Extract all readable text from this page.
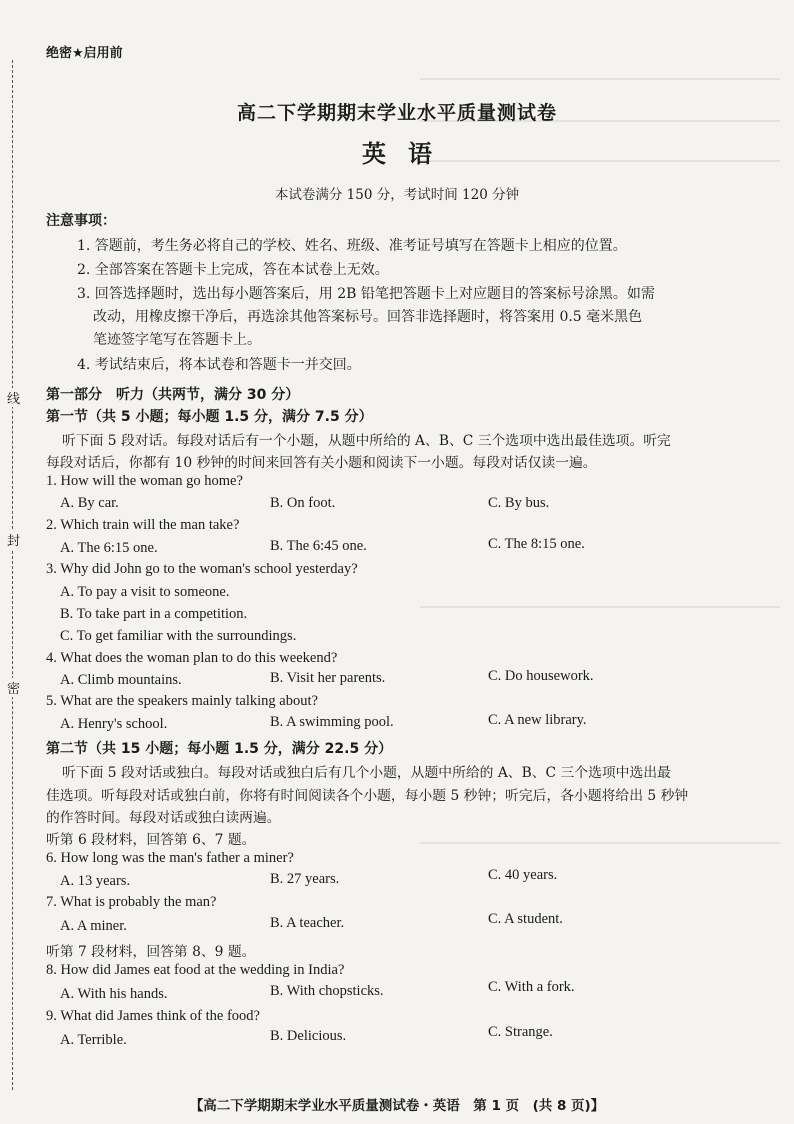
线
封
密
绝密★启用前
高二下学期期末学业水平质量测试卷
英语
本试卷满分 150 分，考试时间 120 分钟
注意事项：
1. 答题前，考生务必将自己的学校、姓名、班级、准考证号填写在答题卡上相应的位置。
2. 全部答案在答题卡上完成，答在本试卷上无效。
3. 回答选择题时，选出每小题答案后，用 2B 铅笔把答题卡上对应题目的答案标号涂黑。如需
改动，用橡皮擦干净后，再选涂其他答案标号。回答非选择题时，将答案用 0.5 毫米黑色
笔迹签字笔写在答题卡上。
4. 考试结束后，将本试卷和答题卡一并交回。
第一部分　听力（共两节，满分 30 分）
第一节（共 5 小题；每小题 1.5 分，满分 7.5 分）
听下面 5 段对话。每段对话后有一个小题，从题中所给的 A、B、C 三个选项中选出最佳选项。听完
每段对话后，你都有 10 秒钟的时间来回答有关小题和阅读下一小题。每段对话仅读一遍。
1. How will the woman go home?
A. By car.	B. On foot.	C. By bus.
2. Which train will the man take?
A. The 6:15 one.	B. The 6:45 one.	C. The 8:15 one.
3. Why did John go to the woman's school yesterday?
A. To pay a visit to someone.
B. To take part in a competition.
C. To get familiar with the surroundings.
4. What does the woman plan to do this weekend?
A. Climb mountains.	B. Visit her parents.	C. Do housework.
5. What are the speakers mainly talking about?
A. Henry's school.	B. A swimming pool.	C. A new library.
第二节（共 15 小题；每小题 1.5 分，满分 22.5 分）
听下面 5 段对话或独白。每段对话或独白后有几个小题，从题中所给的 A、B、C 三个选项中选出最
佳选项。听每段对话或独白前，你将有时间阅读各个小题，每小题 5 秒钟；听完后，各小题将给出 5 秒钟
的作答时间。每段对话或独白读两遍。
听第 6 段材料，回答第 6、7 题。
6. How long was the man's father a miner?
A. 13 years.	B. 27 years.	C. 40 years.
7. What is probably the man?
A. A miner.	B. A teacher.	C. A student.
听第 7 段材料，回答第 8、9 题。
8. How did James eat food at the wedding in India?
A. With his hands.	B. With chopsticks.	C. With a fork.
9. What did James think of the food?
A. Terrible.	B. Delicious.	C. Strange.
【高二下学期期末学业水平质量测试卷・英语　第 1 页　(共 8 页)】
